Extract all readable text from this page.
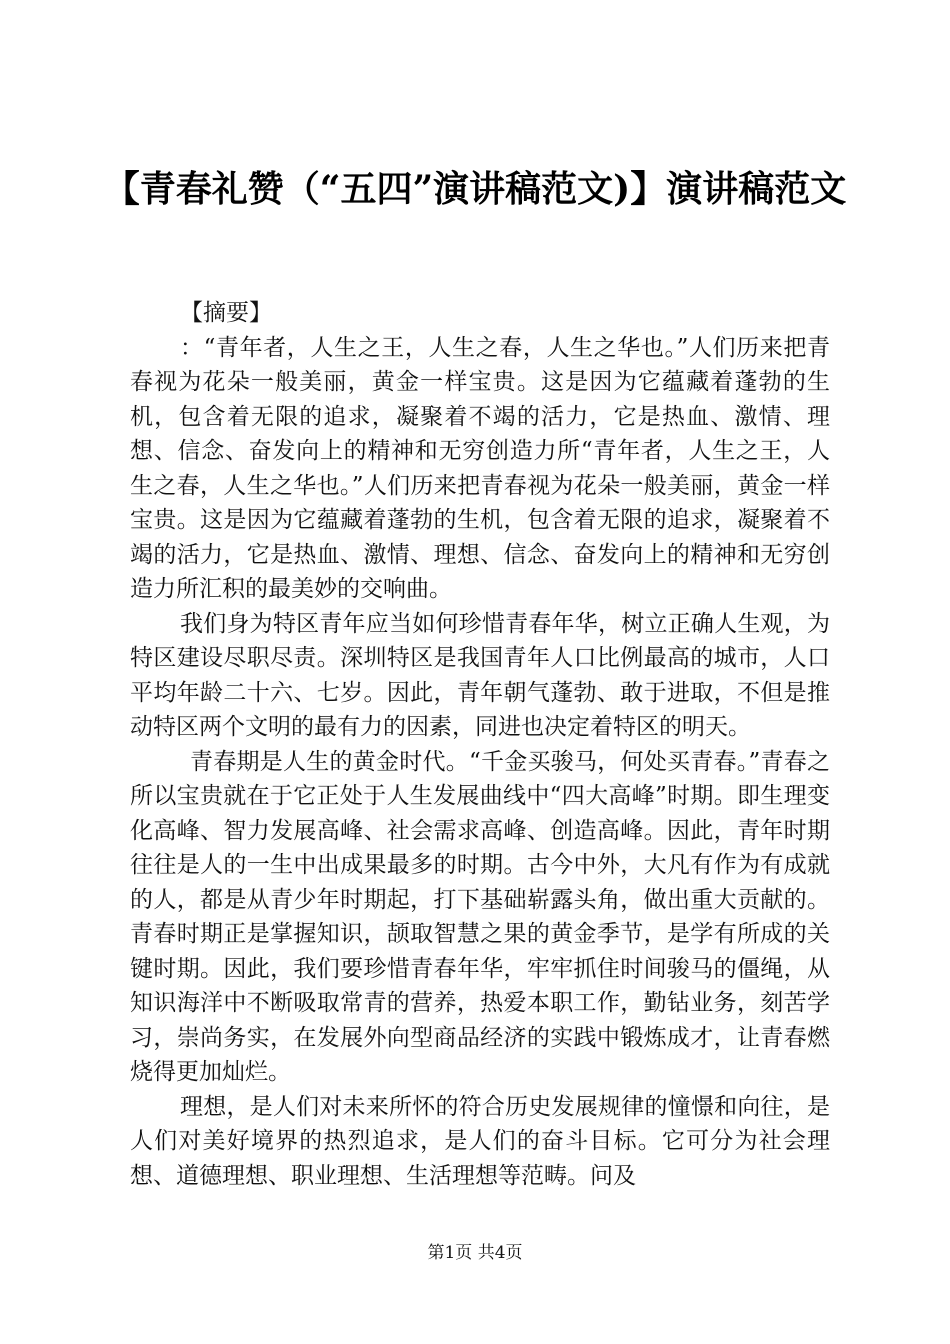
【青春礼赞（“五四”演讲稿范文)】演讲稿范文

【摘要】

：“青年者，人生之王，人生之春，人生之华也。”人们历来把青春视为花朵一般美丽，黄金一样宝贵。这是因为它蕴藏着蓬勃的生机，包含着无限的追求，凝聚着不竭的活力，它是热血、激情、理想、信念、奋发向上的精神和无穷创造力所“青年者，人生之王，人生之春，人生之华也。”人们历来把青春视为花朵一般美丽，黄金一样宝贵。这是因为它蕴藏着蓬勃的生机，包含着无限的追求，凝聚着不竭的活力，它是热血、激情、理想、信念、奋发向上的精神和无穷创造力所汇积的最美妙的交响曲。

我们身为特区青年应当如何珍惜青春年华，树立正确人生观，为特区建设尽职尽责。深圳特区是我国青年人口比例最高的城市，人口平均年龄二十六、七岁。因此，青年朝气蓬勃、敢于进取，不但是推动特区两个文明的最有力的因素，同进也决定着特区的明天。

青春期是人生的黄金时代。“千金买骏马，何处买青春。”青春之所以宝贵就在于它正处于人生发展曲线中“四大高峰”时期。即生理变化高峰、智力发展高峰、社会需求高峰、创造高峰。因此，青年时期往往是人的一生中出成果最多的时期。古今中外，大凡有作为有成就的人，都是从青少年时期起，打下基础崭露头角，做出重大贡献的。青春时期正是掌握知识，颉取智慧之果的黄金季节，是学有所成的关键时期。因此，我们要珍惜青春年华，牢牢抓住时间骏马的僵绳，从知识海洋中不断吸取常青的营养，热爱本职工作，勤钻业务，刻苦学习，崇尚务实，在发展外向型商品经济的实践中锻炼成才，让青春燃烧得更加灿烂。

理想，是人们对未来所怀的符合历史发展规律的憧憬和向往，是人们对美好境界的热烈追求，是人们的奋斗目标。它可分为社会理想、道德理想、职业理想、生活理想等范畴。问及

第1页 共4页
